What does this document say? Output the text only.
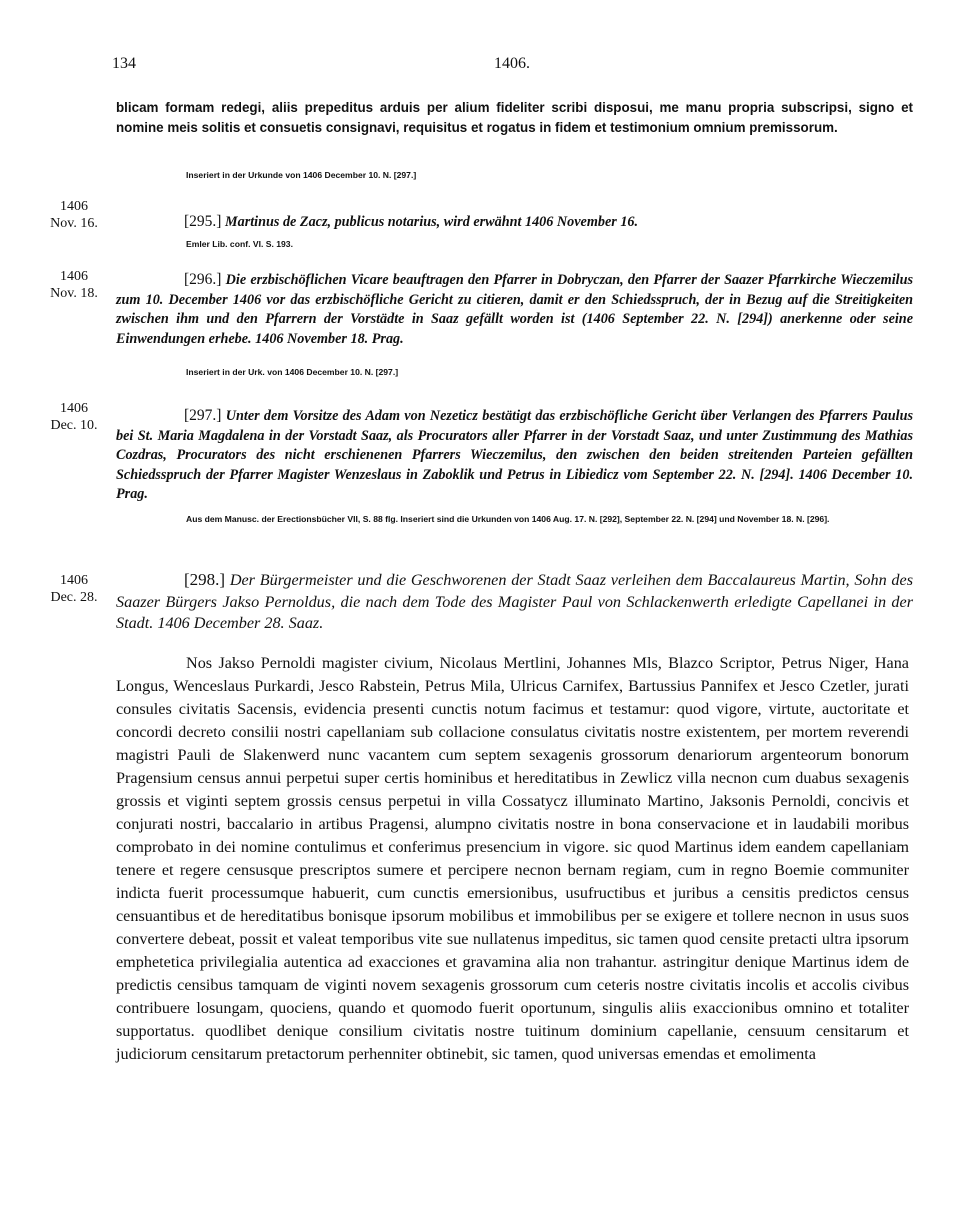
134	1406.
blicam formam redegi, aliis prepeditus arduis per alium fideliter scribi disposui, me manu propria subscripsi, signo et nomine meis solitis et consuetis consignavi, requisitus et rogatus in fidem et testimonium omnium premissorum.
Inseriert in der Urkunde von 1406 December 10. N. [297.]
1406
Nov. 16.	[295.] Martinus de Zacz, publicus notarius, wird erwähnt 1406 November 16.
Emler Lib. conf. VI. S. 193.
1406
Nov. 18.
[296.] Die erzbischöflichen Vicare beauftragen den Pfarrer in Dobryczan, den Pfarrer der Saazer Pfarrkirche Wieczemilus zum 10. December 1406 vor das erzbischöfliche Gericht zu citieren, damit er den Schiedsspruch, der in Bezug auf die Streitigkeiten zwischen ihm und den Pfarrern der Vorstädte in Saaz gefällt worden ist (1406 September 22. N. [294]) anerkenne oder seine Einwendungen erhebe. 1406 November 18. Prag.
Inseriert in der Urk. von 1406 December 10. N. [297.]
1406
Dec. 10.
[297.] Unter dem Vorsitze des Adam von Nezeticz bestätigt das erzbischöfliche Gericht über Verlangen des Pfarrers Paulus bei St. Maria Magdalena in der Vorstadt Saaz, als Procurators aller Pfarrer in der Vorstadt Saaz, und unter Zustimmung des Mathias Cozdras, Procurators des nicht erschienenen Pfarrers Wieczemilus, den zwischen den beiden streitenden Parteien gefällten Schiedsspruch der Pfarrer Magister Wenzeslaus in Zaboklik und Petrus in Libiedicz vom September 22. N. [294]. 1406 December 10. Prag.
Aus dem Manusc. der Erectionsbücher VII, S. 88 flg. Inseriert sind die Urkunden von 1406 Aug. 17. N. [292], September 22. N. [294] und November 18. N. [296].
1406
Dec. 28.
[298.] Der Bürgermeister und die Geschworenen der Stadt Saaz verleihen dem Baccalaureus Martin, Sohn des Saazer Bürgers Jakso Pernoldus, die nach dem Tode des Magister Paul von Schlackenwerth erledigte Capellanei in der Stadt. 1406 December 28. Saaz.

Nos Jakso Pernoldi magister civium, Nicolaus Mertlini, Johannes Mls, Blazco Scriptor, Petrus Niger, Hana Longus, Wenceslaus Purkardi, Jesco Rabstein, Petrus Mila, Ulricus Carnifex, Bartussius Pannifex et Jesco Czetler, jurati consules civitatis Sacensis, evidencia presenti cunctis notum facimus et testamur: quod vigore, virtute, auctoritate et concordi decreto consilii nostri capellaniam sub collacione consulatus civitatis nostre existentem, per mortem reverendi magistri Pauli de Slakenwerd nunc vacantem cum septem sexagenis grossorum denariorum argenteorum bonorum Pragensium census annui perpetui super certis hominibus et hereditatibus in Zewlicz villa necnon cum duabus sexagenis grossis et viginti septem grossis census perpetui in villa Cossatycz illuminato Martino, Jaksonis Pernoldi, concivis et conjurati nostri, baccalario in artibus Pragensi, alumpno civitatis nostre in bona conservacione et in laudabili moribus comprobato in dei nomine contulimus et conferimus presencium in vigore. sic quod Martinus idem eandem capellaniam tenere et regere censusque prescriptos sumere et percipere necnon bernam regiam, cum in regno Boemie communiter indicta fuerit processumque habuerit, cum cunctis emersionibus, usufructibus et juribus a censitis predictos census censuantibus et de hereditatibus bonisque ipsorum mobilibus et immobilibus per se exigere et tollere necnon in usus suos convertere debeat, possit et valeat temporibus vite sue nullatenus impeditus, sic tamen quod censite pretacti ultra ipsorum emphetetica privilegialia autentica ad exacciones et gravamina alia non trahantur. astringitur denique Martinus idem de predictis censibus tamquam de viginti novem sexagenis grossorum cum ceteris nostre civitatis incolis et accolis civibus contribuere losungam, quociens, quando et quomodo fuerit oportunum, singulis aliis exaccionibus omnino et totaliter supportatus. quodlibet denique consilium civitatis nostre tuitinum dominium capellanie, censuum censitarum et judiciorum censitarum pretactorum perhenniter obtinebit, sic tamen, quod universas emendas et emolimenta
